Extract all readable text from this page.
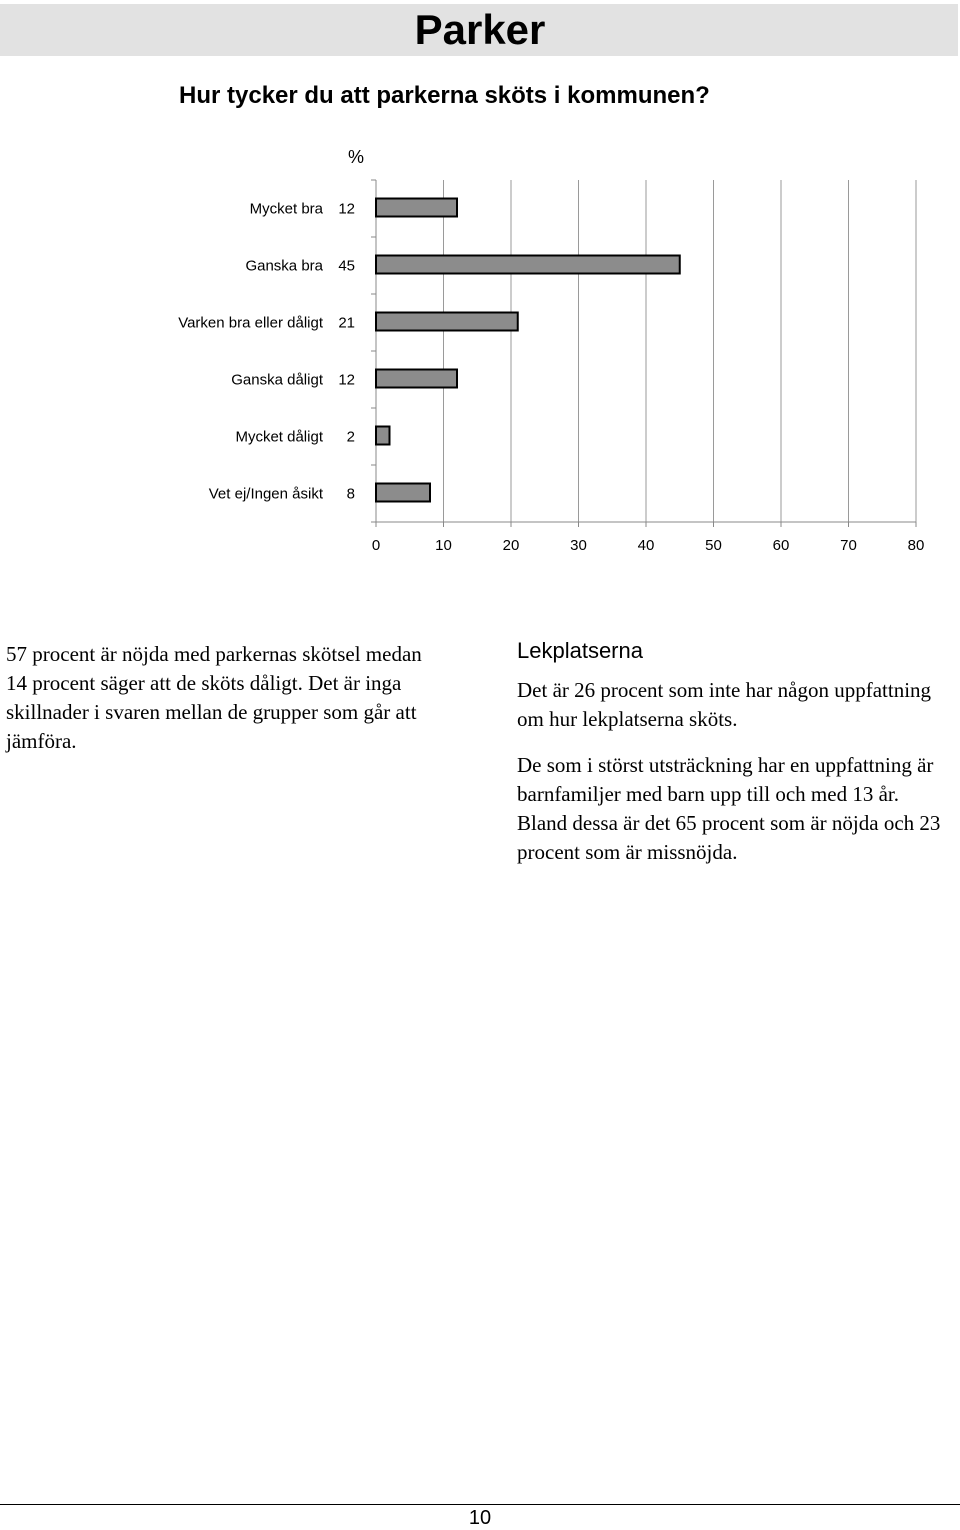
Parker
Hur tycker du att parkerna sköts i kommunen?
%
0	10	20	30	40	50	60	70	80
Mycket bra 12
Ganska bra 45
Varken bra eller dåligt 21
Ganska dåligt 12
Mycket dåligt 2
Vet ej/Ingen åsikt 8

57 procent är nöjda med parkernas skötsel medan 14 procent säger att de sköts dåligt. Det är inga skillnader i svaren mellan de grupper som går att jämföra.

Lekplatserna

Det är 26 procent som inte har någon uppfattning om hur lekplatserna sköts.

De som i störst utsträckning har en uppfattning är barnfamiljer med barn upp till och med 13 år. Bland dessa är det 65 procent som är nöjda och 23 procent som är missnöjda.

10
